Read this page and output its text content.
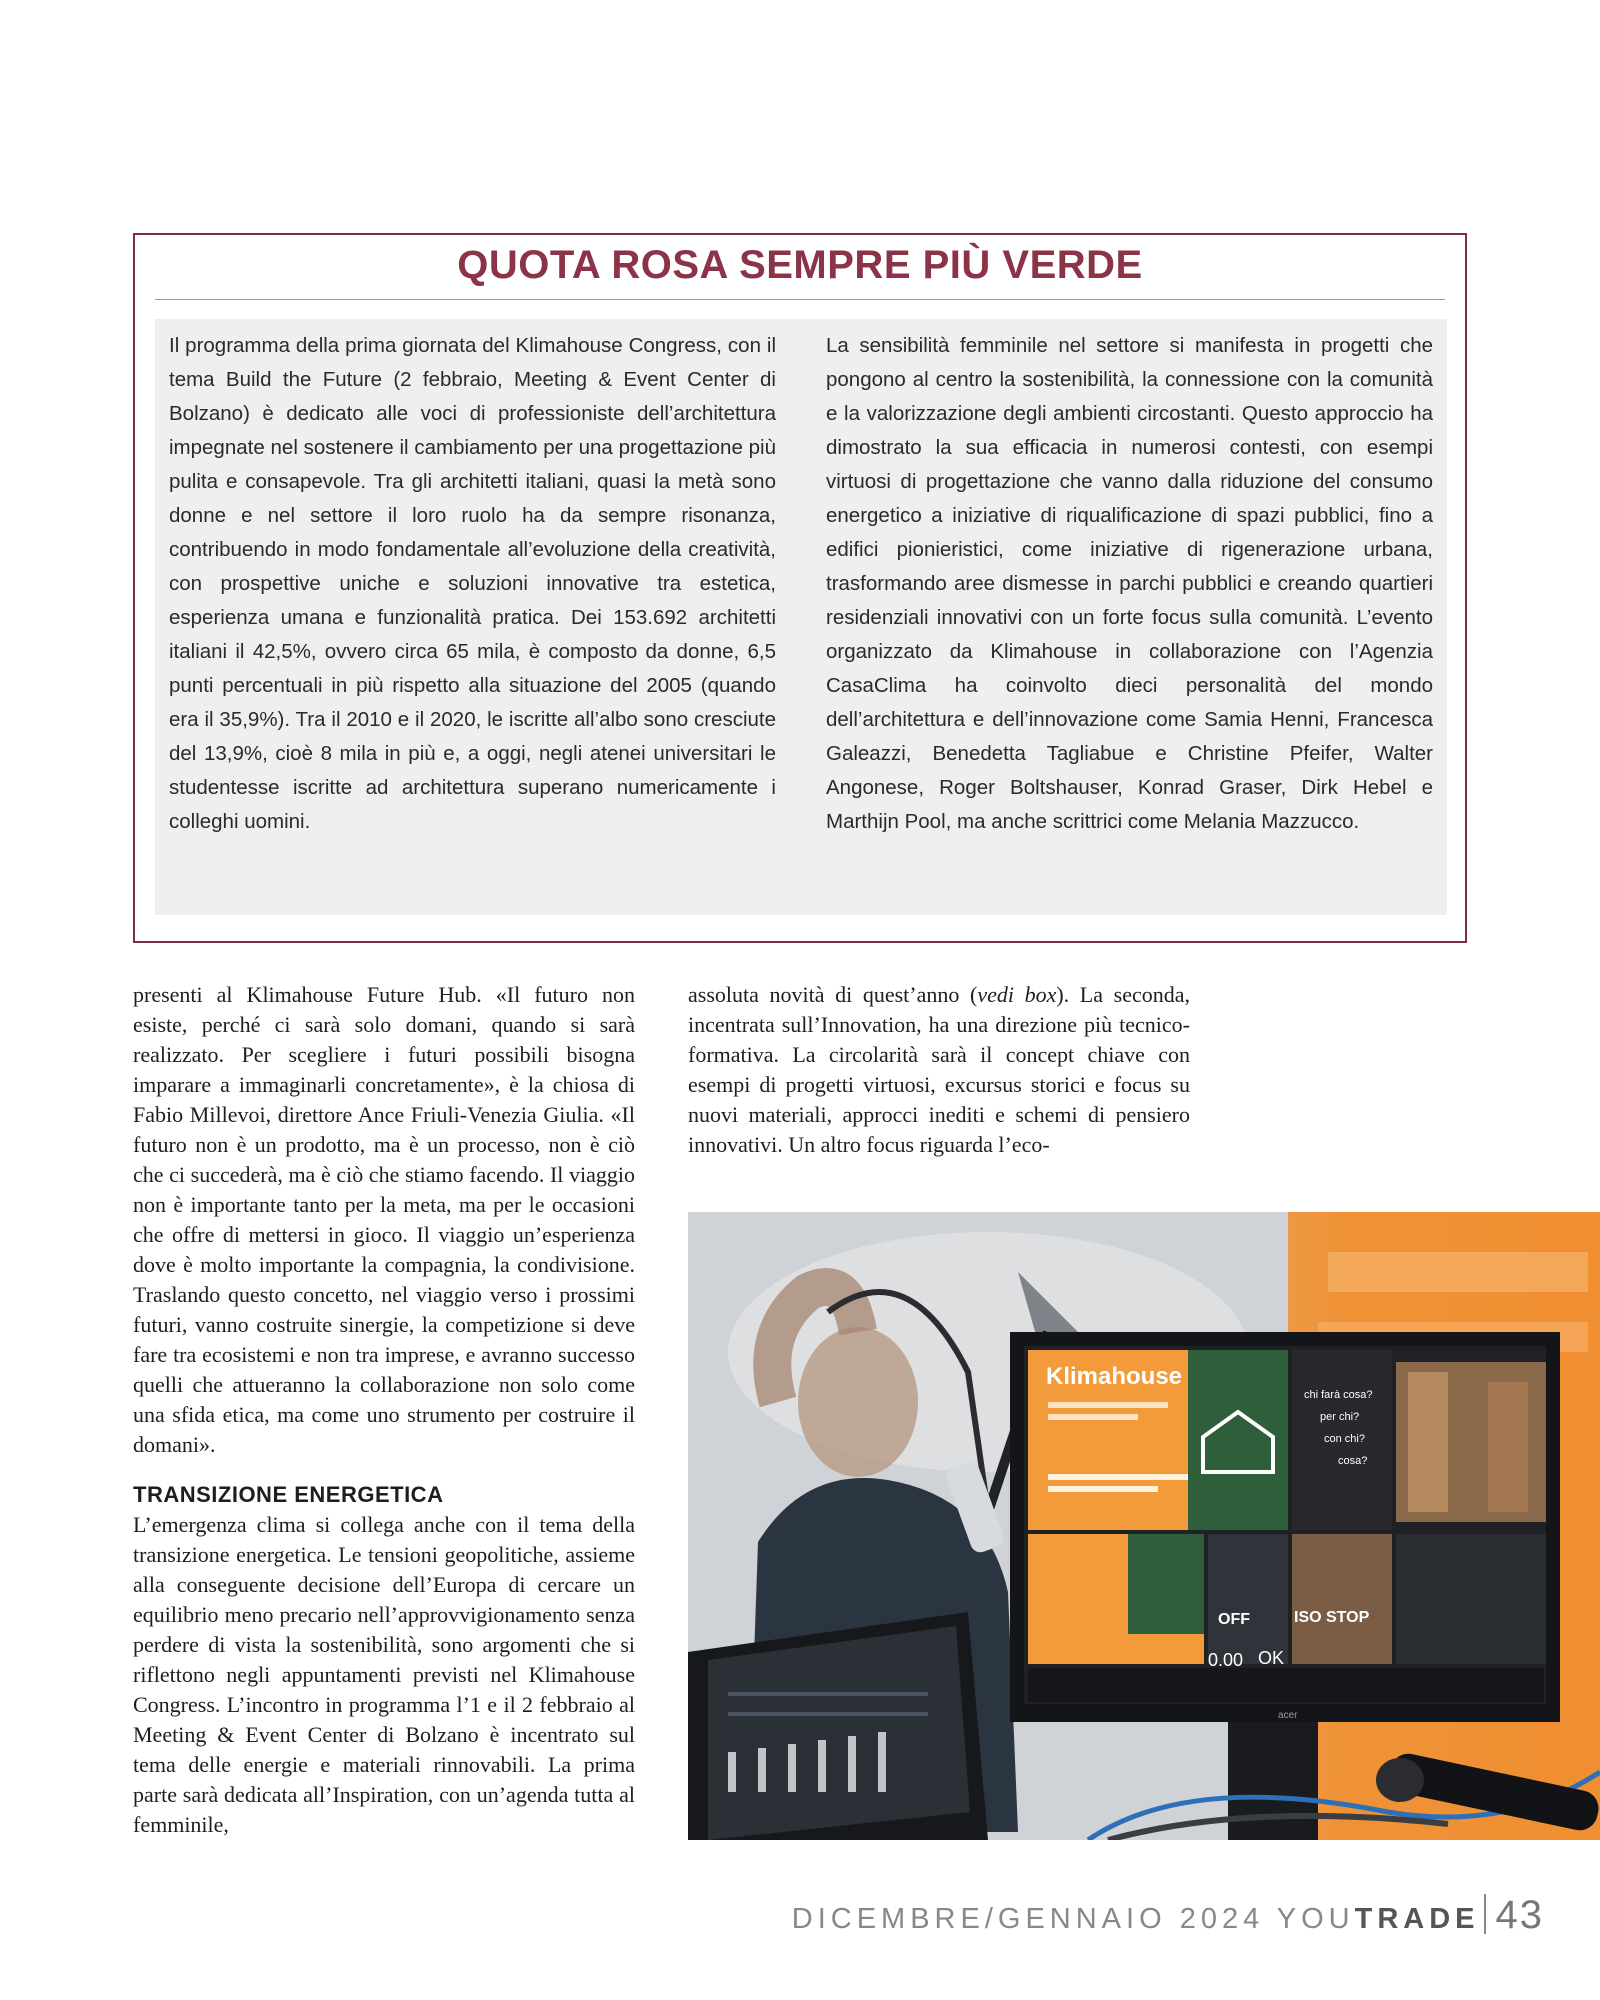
QUOTA ROSA SEMPRE PIÙ VERDE
Il programma della prima giornata del Klimahouse Congress, con il tema Build the Future (2 febbraio, Meeting & Event Center di Bolzano) è dedicato alle voci di professioniste dell’architettura impegnate nel sostenere il cambiamento per una progettazione più pulita e consapevole. Tra gli architetti italiani, quasi la metà sono donne e nel settore il loro ruolo ha da sempre risonanza, contribuendo in modo fondamentale all’evoluzione della creatività, con prospettive uniche e soluzioni innovative tra estetica, esperienza umana e funzionalità pratica. Dei 153.692 architetti italiani il 42,5%, ovvero circa 65 mila, è composto da donne, 6,5 punti percentuali in più rispetto alla situazione del 2005 (quando era il 35,9%). Tra il 2010 e il 2020, le iscritte all’albo sono cresciute del 13,9%, cioè 8 mila in più e, a oggi, negli atenei universitari le studentesse iscritte ad architettura superano numericamente i colleghi uomini.
La sensibilità femminile nel settore si manifesta in progetti che pongono al centro la sostenibilità, la connessione con la comunità e la valorizzazione degli ambienti circostanti. Questo approccio ha dimostrato la sua efficacia in numerosi contesti, con esempi virtuosi di progettazione che vanno dalla riduzione del consumo energetico a iniziative di riqualificazione di spazi pubblici, fino a edifici pionieristici, come iniziative di rigenerazione urbana, trasformando aree dismesse in parchi pubblici e creando quartieri residenziali innovativi con un forte focus sulla comunità. L’evento organizzato da Klimahouse in collaborazione con l’Agenzia CasaClima ha coinvolto dieci personalità del mondo dell’architettura e dell’innovazione come Samia Henni, Francesca Galeazzi, Benedetta Tagliabue e Christine Pfeifer, Walter Angonese, Roger Boltshauser, Konrad Graser, Dirk Hebel e Marthijn Pool, ma anche scrittrici come Melania Mazzucco.

presenti al Klimahouse Future Hub. «Il futuro non esiste, perché ci sarà solo domani, quando si sarà realizzato. Per scegliere i futuri possibili bisogna imparare a immaginarli concretamente», è la chiosa di Fabio Millevoi, direttore Ance Friuli-Venezia Giulia. «Il futuro non è un prodotto, ma è un processo, non è ciò che ci succederà, ma è ciò che stiamo facendo. Il viaggio non è importante tanto per la meta, ma per le occasioni che offre di mettersi in gioco. Il viaggio un’esperienza dove è molto importante la compagnia, la condivisione. Traslando questo concetto, nel viaggio verso i prossimi futuri, vanno costruite sinergie, la competizione si deve fare tra ecosistemi e non tra imprese, e avranno successo quelli che attueranno la collaborazione non solo come una sfida etica, ma come uno strumento per costruire il domani».

TRANSIZIONE ENERGETICA

L’emergenza clima si collega anche con il tema della transizione energetica. Le tensioni geopolitiche, assieme alla conseguente decisione dell’Europa di cercare un equilibrio meno precario nell’approvvigionamento senza perdere di vista la sostenibilità, sono argomenti che si riflettono negli appuntamenti previsti nel Klimahouse Congress. L’incontro in programma l’1 e il 2 febbraio al Meeting & Event Center di Bolzano è incentrato sul tema delle energie e materiali rinnovabili. La prima parte sarà dedicata all’Inspiration, con un’agenda tutta al femminile,

assoluta novità di quest’anno (vedi box). La seconda, incentrata sull’Innovation, ha una direzione più tecnico-formativa. La circolarità sarà il concept chiave con esempi di progetti virtuosi, excursus storici e focus su nuovi materiali, approcci inediti e schemi di pensiero innovativi. Un altro focus riguarda l’eco-

Klimahouse
chi farà cosa?
per chi?
con chi?
cosa?
OFF	ISO STOP
0.00 OK
acer
DICEMBRE/GENNAIO 2024 YOUTRADE 43
